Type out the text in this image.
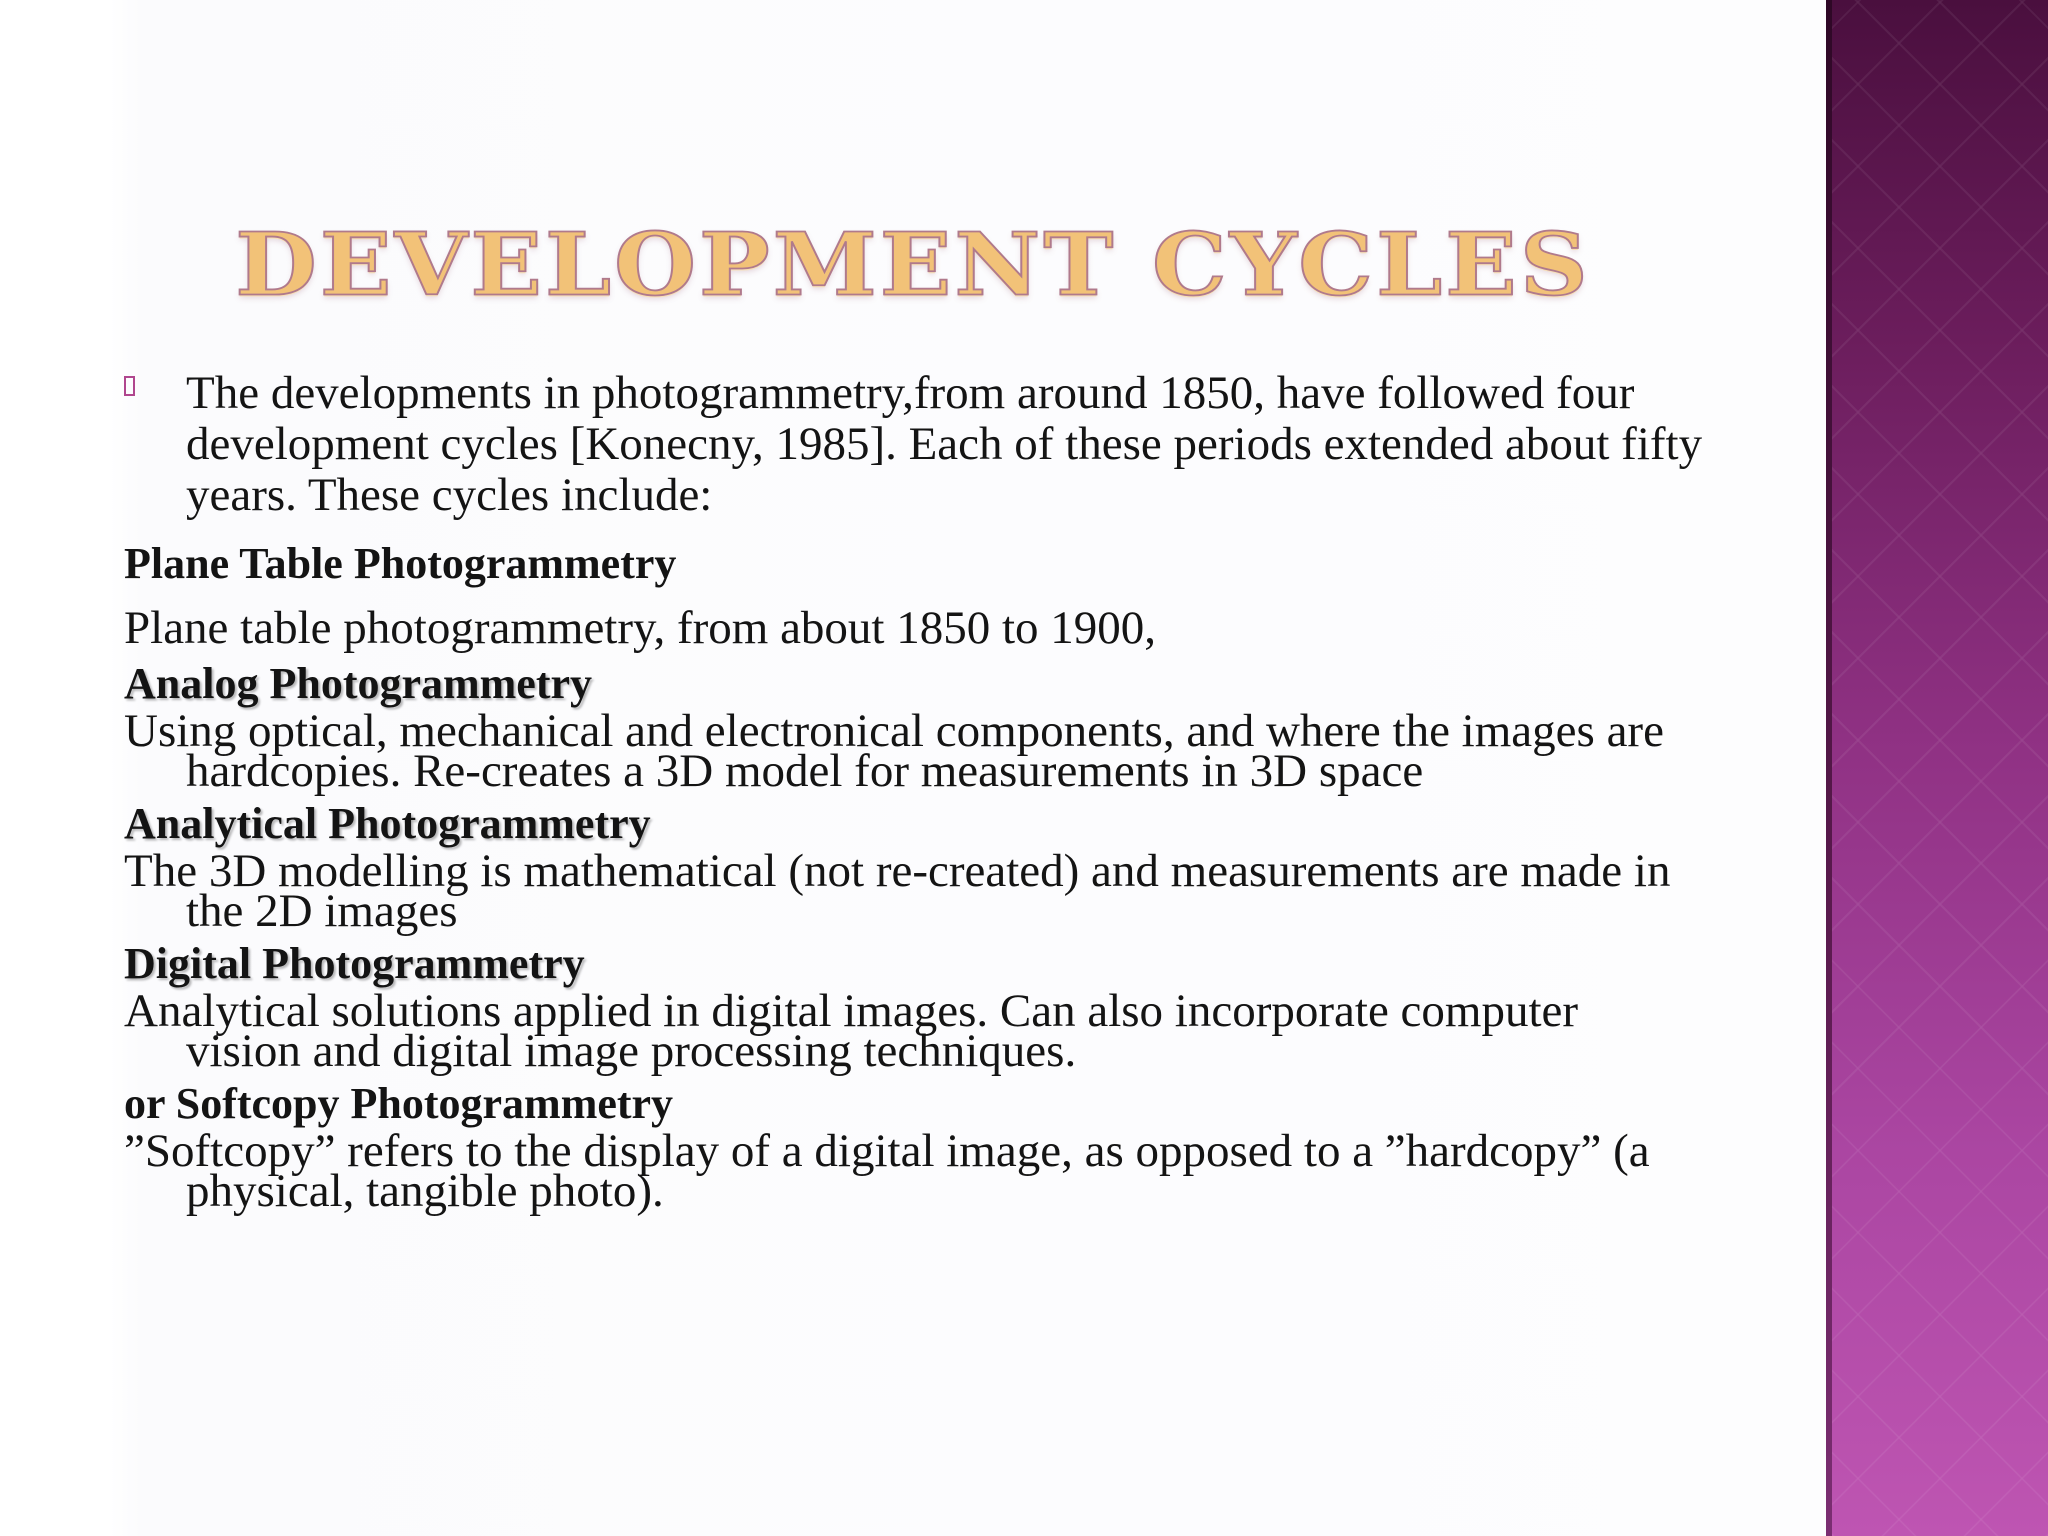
DEVELOPMENT CYCLES

The developments in photogrammetry,from around 1850, have followed four development cycles [Konecny, 1985]. Each of these periods extended about fifty years. These cycles include:

Plane Table Photogrammetry

Plane table photogrammetry, from about 1850 to 1900,

Analog Photogrammetry

Using optical, mechanical and electronical components, and where the images are hardcopies. Re-creates a 3D model for measurements in 3D space

Analytical Photogrammetry

The 3D modelling is mathematical (not re-created) and measurements are made in the 2D images

Digital Photogrammetry

Analytical solutions applied in digital images. Can also incorporate computer vision and digital image processing techniques.

or Softcopy Photogrammetry

”Softcopy” refers to the display of a digital image, as opposed to a ”hardcopy” (a physical, tangible photo).
